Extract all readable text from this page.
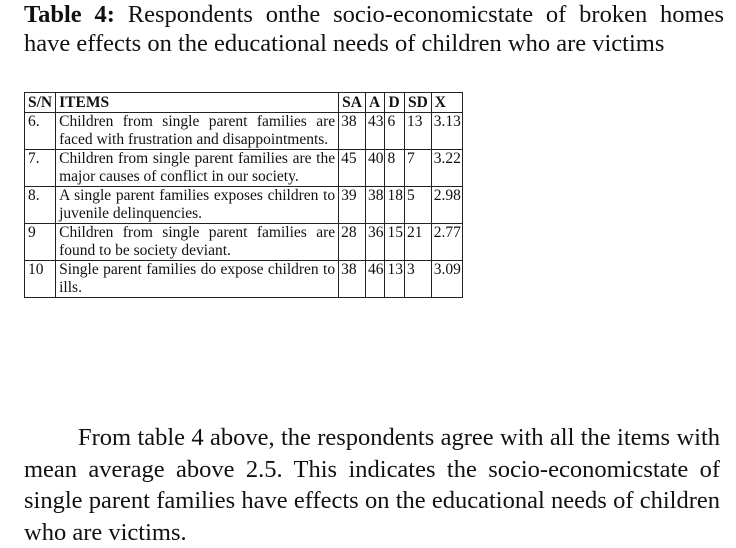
Table 4: Respondents onthe socio-economicstate of broken homes have effects on the educational needs of children who are victims
S/N	ITEMS	SA	A	D	SD	X
6.	Children from single parent families are faced with frustration and disappointments.	38	43	6	13	3.13
7.	Children from single parent families are the major causes of conflict in our society.	45	40	8	7	3.22
8.	A single parent families exposes children to juvenile delinquencies.	39	38	18	5	2.98
9	Children from single parent families are found to be society deviant.	28	36	15	21	2.77
10	Single parent families do expose children to ills.	38	46	13	3	3.09

From table 4 above, the respondents agree with all the items with mean average above 2.5. This indicates the socio-economicstate of single parent families have effects on the educational needs of children who are victims.
